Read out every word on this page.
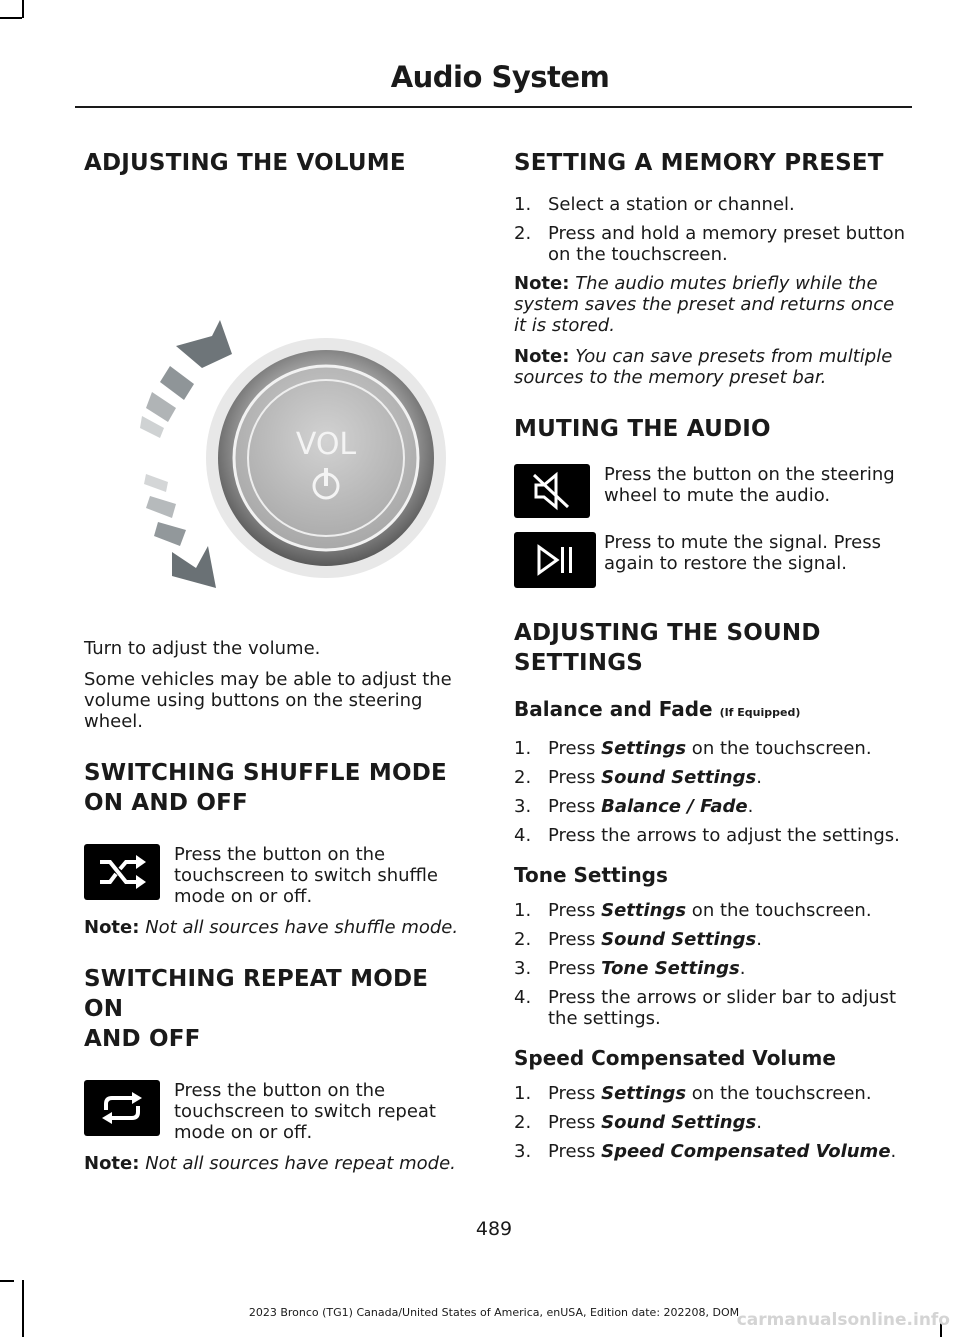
Audio System
ADJUSTING THE VOLUME
VOL

Turn to adjust the volume.

Some vehicles may be able to adjust the volume using buttons on the steering wheel.

SWITCHING SHUFFLE MODE
ON AND OFF
Press the button on the touchscreen to switch shuffle mode on or off.

Note: Not all sources have shuffle mode.

SWITCHING REPEAT MODE ON
AND OFF
Press the button on the touchscreen to switch repeat mode on or off.

Note: Not all sources have repeat mode.

SETTING A MEMORY PRESET
1. Select a station or channel.
2. Press and hold a memory preset button on the touchscreen.

Note: The audio mutes briefly while the system saves the preset and returns once it is stored.

Note: You can save presets from multiple sources to the memory preset bar.

MUTING THE AUDIO
Press the button on the steering wheel to mute the audio.
Press to mute the signal. Press again to restore the signal.
ADJUSTING THE SOUND
SETTINGS
Balance and Fade (If Equipped)
1. Press Settings on the touchscreen.
2. Press Sound Settings.
3. Press Balance / Fade.
4. Press the arrows to adjust the settings.
Tone Settings
1. Press Settings on the touchscreen.
2. Press Sound Settings.
3. Press Tone Settings.
4. Press the arrows or slider bar to adjust the settings.
Speed Compensated Volume
1. Press Settings on the touchscreen.
2. Press Sound Settings.
3. Press Speed Compensated Volume.
489
2023 Bronco (TG1) Canada/United States of America, enUSA, Edition date: 202208, DOM
carmanualsonline.info
